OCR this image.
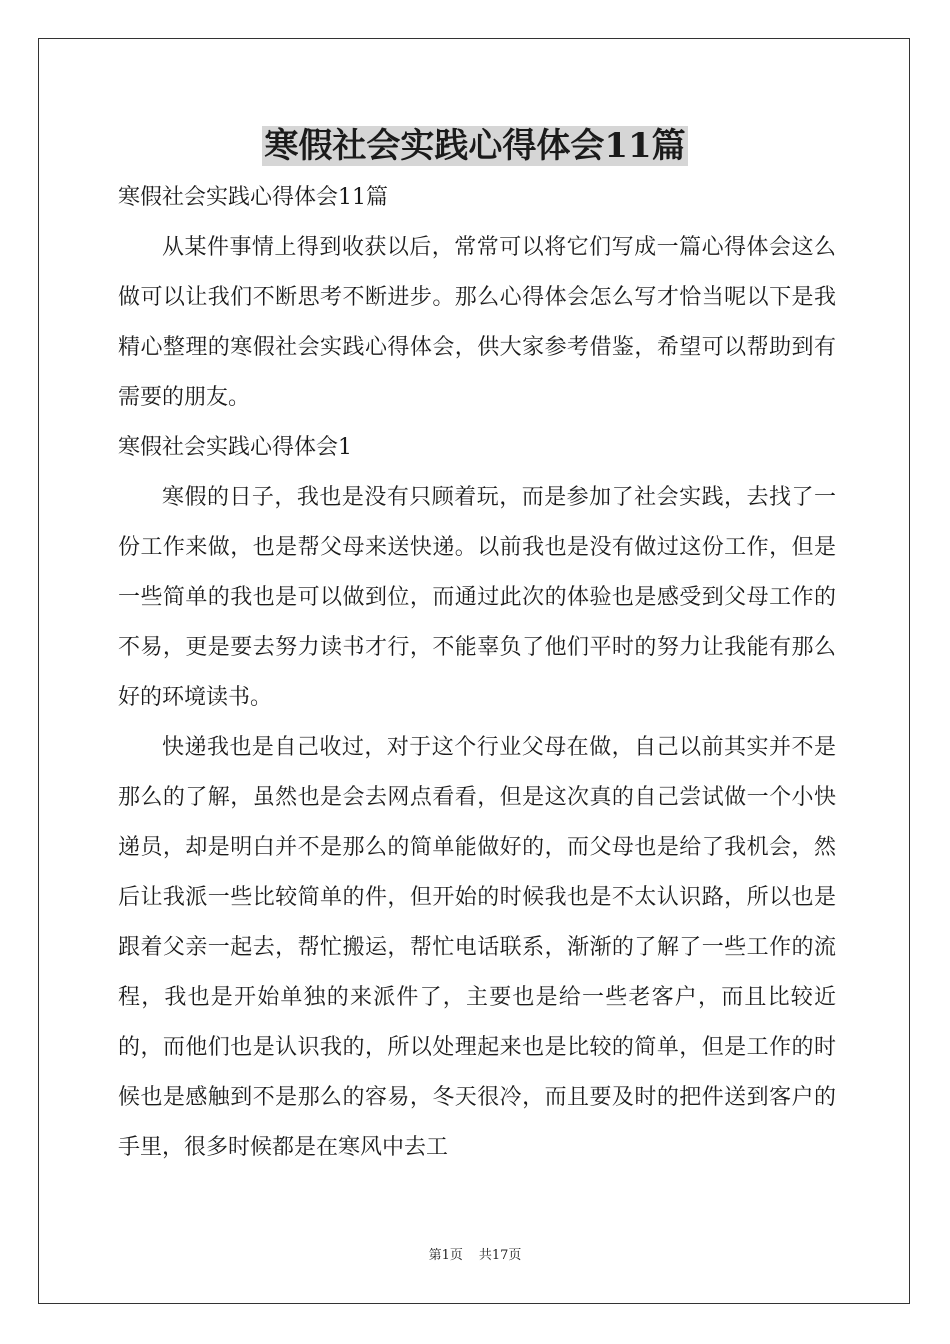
寒假社会实践心得体会11篇

寒假社会实践心得体会11篇

从某件事情上得到收获以后，常常可以将它们写成一篇心得体会这么做可以让我们不断思考不断进步。那么心得体会怎么写才恰当呢以下是我精心整理的寒假社会实践心得体会，供大家参考借鉴，希望可以帮助到有需要的朋友。

寒假社会实践心得体会1

寒假的日子，我也是没有只顾着玩，而是参加了社会实践，去找了一份工作来做，也是帮父母来送快递。以前我也是没有做过这份工作，但是一些简单的我也是可以做到位，而通过此次的体验也是感受到父母工作的不易，更是要去努力读书才行，不能辜负了他们平时的努力让我能有那么好的环境读书。

快递我也是自己收过，对于这个行业父母在做，自己以前其实并不是那么的了解，虽然也是会去网点看看，但是这次真的自己尝试做一个小快递员，却是明白并不是那么的简单能做好的，而父母也是给了我机会，然后让我派一些比较简单的件，但开始的时候我也是不太认识路，所以也是跟着父亲一起去，帮忙搬运，帮忙电话联系，渐渐的了解了一些工作的流程，我也是开始单独的来派件了，主要也是给一些老客户，而且比较近的，而他们也是认识我的，所以处理起来也是比较的简单，但是工作的时候也是感触到不是那么的容易，冬天很冷，而且要及时的把件送到客户的手里，很多时候都是在寒风中去工

第1页 共17页
